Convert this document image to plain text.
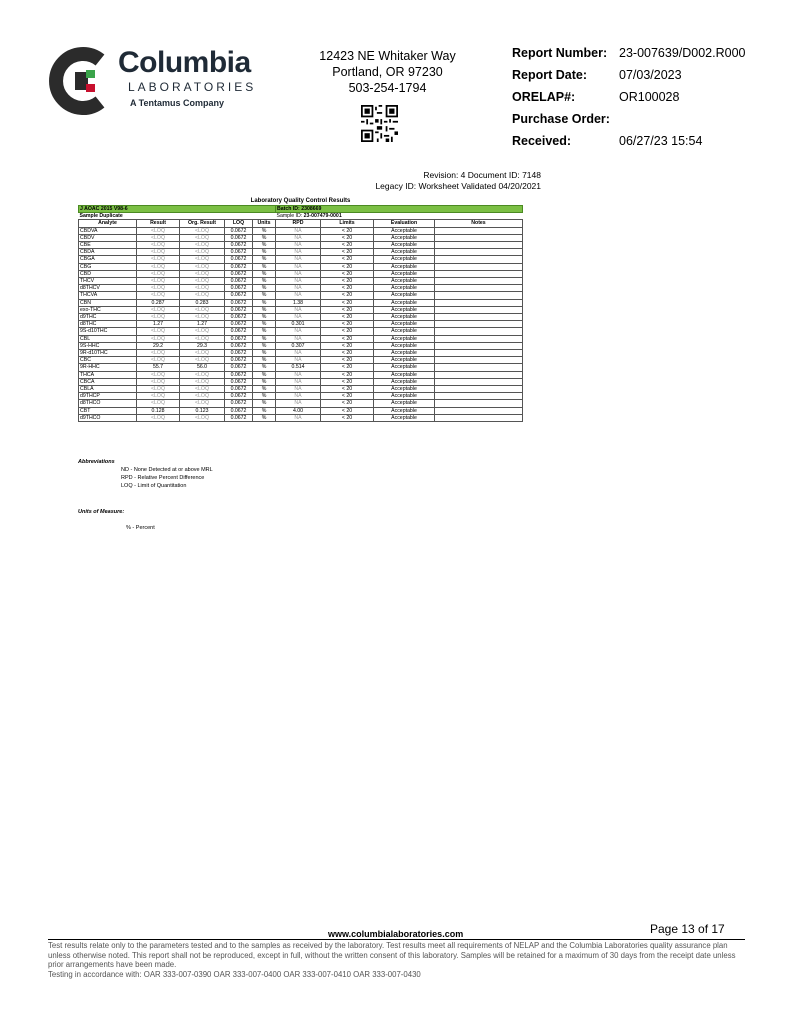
Columbia
LABORATORIES
A Tentamus Company
12423 NE Whitaker Way
Portland, OR 97230
503-254-1794
Report Number: 23-007639/D002.R000
Report Date:	07/03/2023
ORELAP#:	OR100028
Purchase Order:
Received:	06/27/23 15:54
Revision: 4 Document ID: 7148
Legacy ID: Worksheet Validated 04/20/2021
Laboratory Quality Control Results
J AOAC 2015 V98-6					Batch ID: 2308669			
Sample Duplicate					Sample ID: 23-007479-0001			
Analyte	Result	Org. Result	LOQ	Units	RPD	Limits	Evaluation	Notes
CBDVA	<LOQ	<LOQ	0.0672	%	NA	< 20	Acceptable	
CBDV	<LOQ	<LOQ	0.0672	%	NA	< 20	Acceptable	
CBE	<LOQ	<LOQ	0.0672	%	NA	< 20	Acceptable	
CBDA	<LOQ	<LOQ	0.0672	%	NA	< 20	Acceptable	
CBGA	<LOQ	<LOQ	0.0672	%	NA	< 20	Acceptable	
CBG	<LOQ	<LOQ	0.0672	%	NA	< 20	Acceptable	
CBD	<LOQ	<LOQ	0.0672	%	NA	< 20	Acceptable	
THCV	<LOQ	<LOQ	0.0672	%	NA	< 20	Acceptable	
d8THCV	<LOQ	<LOQ	0.0672	%	NA	< 20	Acceptable	
THCVA	<LOQ	<LOQ	0.0672	%	NA	< 20	Acceptable	
CBN	0.287	0.283	0.0672	%	1.38	< 20	Acceptable	
exo-THC	<LOQ	<LOQ	0.0672	%	NA	< 20	Acceptable	
d9THC	<LOQ	<LOQ	0.0672	%	NA	< 20	Acceptable	
d8THC	1.27	1.27	0.0672	%	0.301	< 20	Acceptable	
9S-d10THC	<LOQ	<LOQ	0.0672	%	NA	< 20	Acceptable	
CBL	<LOQ	<LOQ	0.0672	%	NA	< 20	Acceptable	
9S-HHC	29.2	29.3	0.0672	%	0.307	< 20	Acceptable	
9R-d10THC	<LOQ	<LOQ	0.0672	%	NA	< 20	Acceptable	
CBC	<LOQ	<LOQ	0.0672	%	NA	< 20	Acceptable	
9R-HHC	55.7	56.0	0.0672	%	0.514	< 20	Acceptable	
THCA	<LOQ	<LOQ	0.0672	%	NA	< 20	Acceptable	
CBCA	<LOQ	<LOQ	0.0672	%	NA	< 20	Acceptable	
CBLA	<LOQ	<LOQ	0.0672	%	NA	< 20	Acceptable	
d9THCP	<LOQ	<LOQ	0.0672	%	NA	< 20	Acceptable	
d8THCO	<LOQ	<LOQ	0.0672	%	NA	< 20	Acceptable	
CBT	0.128	0.123	0.0672	%	4.00	< 20	Acceptable	
d9THCO	<LOQ	<LOQ	0.0672	%	NA	< 20	Acceptable	
Abbreviations
ND - None Detected at or above MRL
RPD - Relative Percent Difference
LOQ - Limit of Quantitation
Units of Measure:
% - Percent
Page 13 of 17
www.columbialaboratories.com
Test results relate only to the parameters tested and to the samples as received by the laboratory. Test results meet all requirements of NELAP and the Columbia Laboratories quality assurance plan unless otherwise noted. This report shall not be reproduced, except in full, without the written consent of this laboratory. Samples will be retained for a maximum of 30 days from the receipt date unless prior arrangements have been made.
Testing in accordance with: OAR 333-007-0390 OAR 333-007-0400 OAR 333-007-0410 OAR 333-007-0430
